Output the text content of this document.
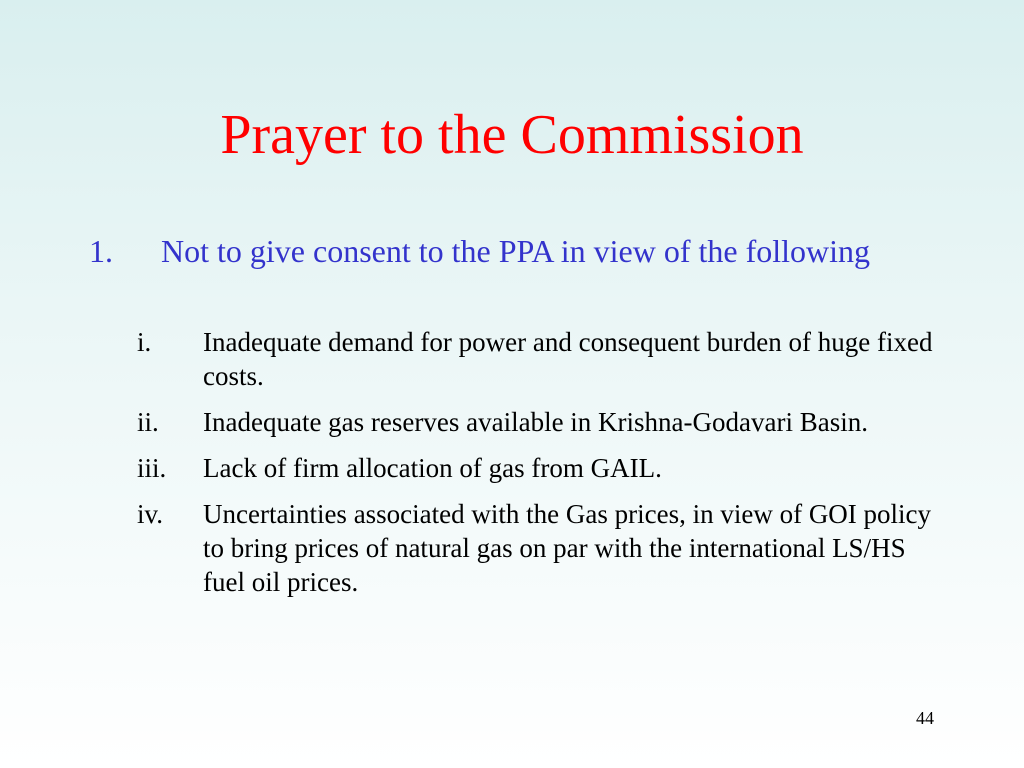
Prayer to the Commission
1. Not to give consent to the PPA in view of the following
i. Inadequate demand for power and consequent burden of huge fixed costs.
ii. Inadequate gas reserves available in Krishna-Godavari Basin.
iii. Lack of firm allocation of gas from GAIL.
iv. Uncertainties associated with the Gas prices, in view of GOI policy to bring prices of natural gas on par with the international LS/HS fuel oil prices.
44
